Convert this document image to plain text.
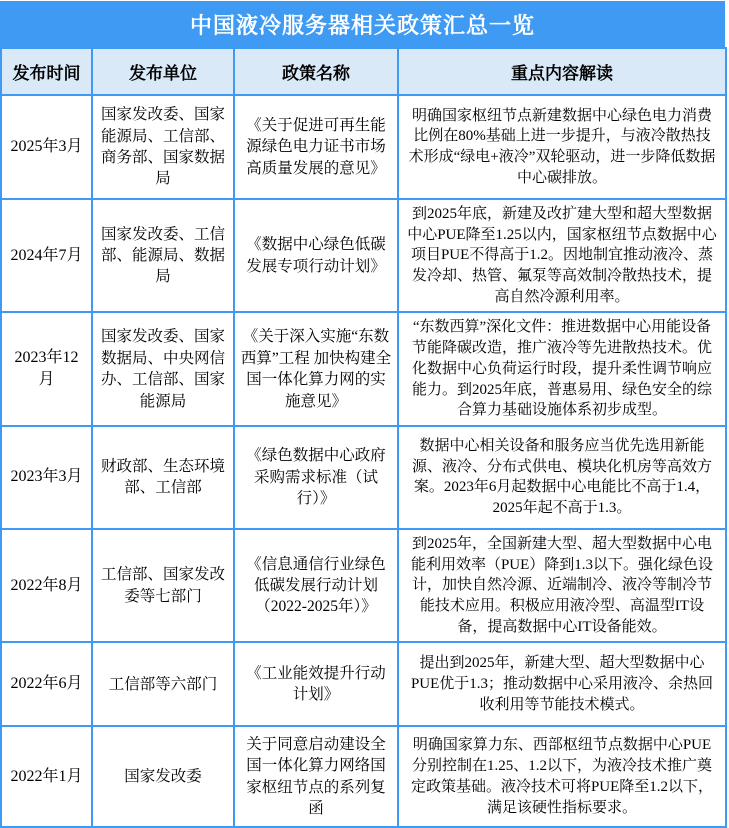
中国液冷服务器相关政策汇总一览
发布时间	发布单位	政策名称	重点内容解读
2025年3月	国家发改委、国家能源局、工信部、商务部、国家数据局	《关于促进可再生能源绿色电力证书市场高质量发展的意见》	明确国家枢纽节点新建数据中心绿色电力消费比例在80%基础上进一步提升，与液冷散热技术形成“绿电+液冷”双轮驱动，进一步降低数据中心碳排放。
2024年7月	国家发改委、工信部、能源局、数据局	《数据中心绿色低碳发展专项行动计划》	到2025年底，新建及改扩建大型和超大型数据中心PUE降至1.25以内，国家枢纽节点数据中心项目PUE不得高于1.2。因地制宜推动液冷、蒸发冷却、热管、氟泵等高效制冷散热技术，提高自然冷源利用率。
2023年12月	国家发改委、国家数据局、中央网信办、工信部、国家能源局	《关于深入实施“东数西算”工程 加快构建全国一体化算力网的实施意见》	“东数西算”深化文件：推进数据中心用能设备节能降碳改造，推广液冷等先进散热技术。优化数据中心负荷运行时段，提升柔性调节响应能力。到2025年底，普惠易用、绿色安全的综合算力基础设施体系初步成型。
2023年3月	财政部、生态环境部、工信部	《绿色数据中心政府采购需求标准（试行）》	数据中心相关设备和服务应当优先选用新能源、液冷、分布式供电、模块化机房等高效方案。2023年6月起数据中心电能比不高于1.4，2025年起不高于1.3。
2022年8月	工信部、国家发改委等七部门	《信息通信行业绿色低碳发展行动计划（2022-2025年）》	到2025年，全国新建大型、超大型数据中心电能利用效率（PUE）降到1.3以下。强化绿色设计，加快自然冷源、近端制冷、液冷等制冷节能技术应用。积极应用液冷型、高温型IT设备，提高数据中心IT设备能效。
2022年6月	工信部等六部门	《工业能效提升行动计划》	提出到2025年，新建大型、超大型数据中心PUE优于1.3；推动数据中心采用液冷、余热回收利用等节能技术模式。
2022年1月	国家发改委	关于同意启动建设全国一体化算力网络国家枢纽节点的系列复函	明确国家算力东、西部枢纽节点数据中心PUE分别控制在1.25、1.2以下，为液冷技术推广奠定政策基础。液冷技术可将PUE降至1.2以下，满足该硬性指标要求。
